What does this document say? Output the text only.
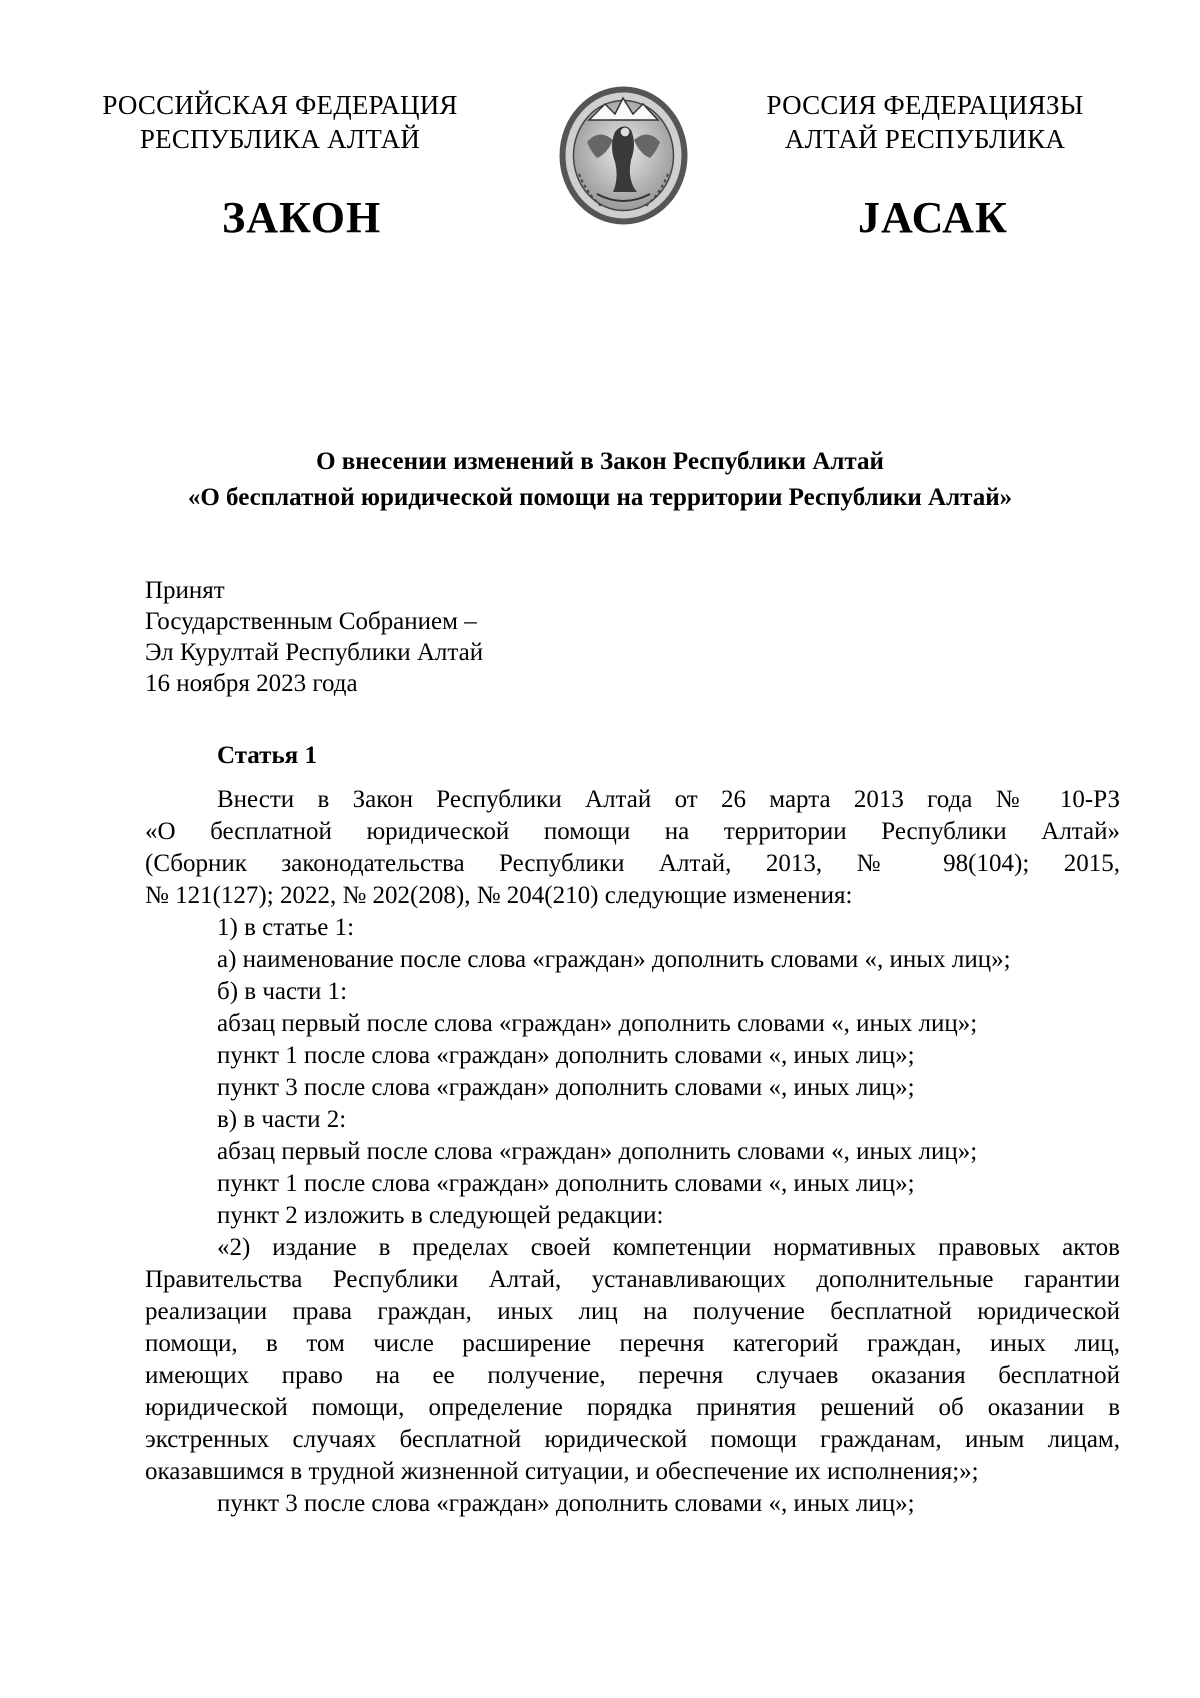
РОССИЙСКАЯ ФЕДЕРАЦИЯ
РЕСПУБЛИКА АЛТАЙ
РОССИЯ ФЕДЕРАЦИЯЗЫ
АЛТАЙ РЕСПУБЛИКА
ЗАКОН	JАСАК
О внесении изменений в Закон Республики Алтай
«О бесплатной юридической помощи на территории Республики Алтай»
Принят
Государственным Собранием –
Эл Курултай Республики Алтай
16 ноября 2023 года
Статья 1
Внести в Закон Республики Алтай от 26 марта 2013 года № 10-РЗ
«О бесплатной юридической помощи на территории Республики Алтай»
(Сборник законодательства Республики Алтай, 2013, № 98(104); 2015,
№ 121(127); 2022, № 202(208), № 204(210) следующие изменения:
1) в статье 1:
а) наименование после слова «граждан» дополнить словами «, иных лиц»;
б) в части 1:
абзац первый после слова «граждан» дополнить словами «, иных лиц»;
пункт 1 после слова «граждан» дополнить словами «, иных лиц»;
пункт 3 после слова «граждан» дополнить словами «, иных лиц»;
в) в части 2:
абзац первый после слова «граждан» дополнить словами «, иных лиц»;
пункт 1 после слова «граждан» дополнить словами «, иных лиц»;
пункт 2 изложить в следующей редакции:
«2) издание в пределах своей компетенции нормативных правовых актов
Правительства Республики Алтай, устанавливающих дополнительные гарантии
реализации права граждан, иных лиц на получение бесплатной юридической
помощи, в том числе расширение перечня категорий граждан, иных лиц,
имеющих право на ее получение, перечня случаев оказания бесплатной
юридической помощи, определение порядка принятия решений об оказании в
экстренных случаях бесплатной юридической помощи гражданам, иным лицам,
оказавшимся в трудной жизненной ситуации, и обеспечение их исполнения;»;
пункт 3 после слова «граждан» дополнить словами «, иных лиц»;
